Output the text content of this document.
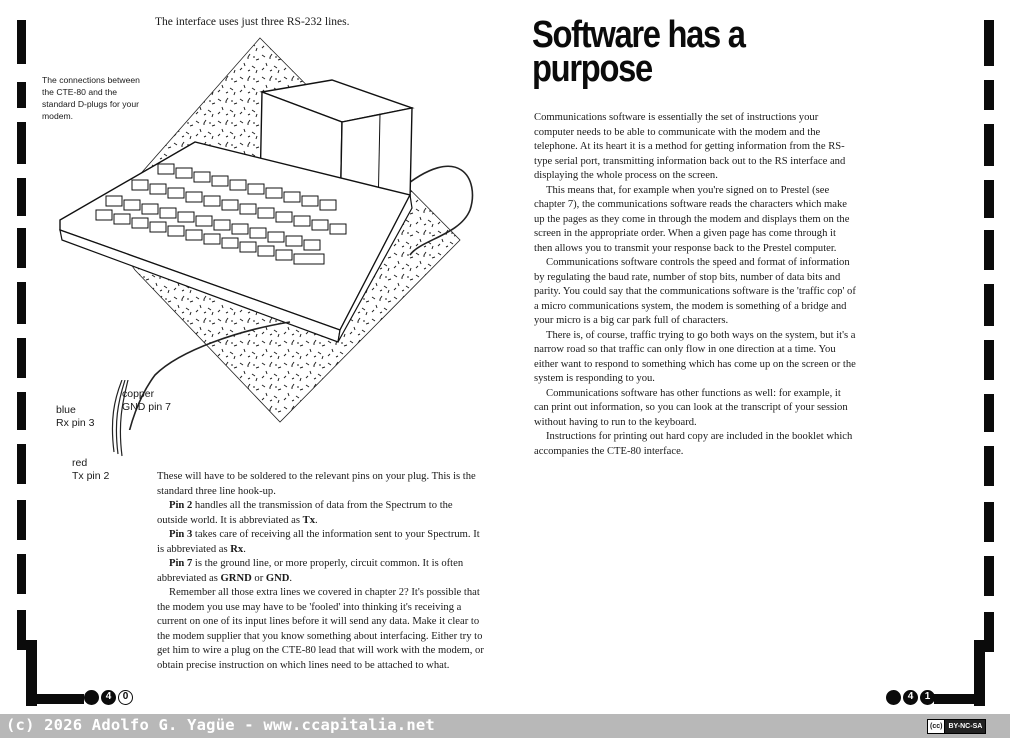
The interface uses just three RS-232 lines.
The connections between the CTE-80 and the standard D-plugs for your modem.
copper
GND pin 7
blue
Rx pin 3
red
Tx pin 2	These will have to be soldered to the relevant pins on your plug. This is the standard three line hook-up.

Pin 2 handles all the transmission of data from the Spectrum to the outside world. It is abbreviated as Tx.

Pin 3 takes care of receiving all the information sent to your Spectrum. It is abbreviated as Rx.

Pin 7 is the ground line, or more properly, circuit common. It is often abbreviated as GRND or GND.

Remember all those extra lines we covered in chapter 2? It's possible that the modem you use may have to be 'fooled' into thinking it's receiving a current on one of its input lines before it will send any data. Make it clear to the modem supplier that you know something about interfacing. Either try to get him to wire a plug on the CTE-80 lead that will work with the modem, or obtain precise instruction on which lines need to be attached to what.

4	0
Software has a
purpose

Communications software is essentially the set of instructions your computer needs to be able to communicate with the modem and the telephone. At its heart it is a method for getting information from the RS-type serial port, transmitting information back out to the RS interface and displaying the whole process on the screen.

This means that, for example when you're signed on to Prestel (see chapter 7), the communications software reads the characters which make up the pages as they come in through the modem and displays them on the screen in the appropriate order. When a given page has come through it then allows you to transmit your response back to the Prestel computer.

Communications software controls the speed and format of information by regulating the baud rate, number of stop bits, number of data bits and parity. You could say that the communications software is the 'traffic cop' of a micro communications system, the modem is something of a bridge and your micro is a big car park full of characters.

There is, of course, traffic trying to go both ways on the system, but it's a narrow road so that traffic can only flow in one direction at a time. You either want to respond to something which has come up on the screen or the system is responding to you.

Communications software has other functions as well: for example, it can print out information, so you can look at the transcript of your session without having to run to the keyboard.

Instructions for printing out hard copy are included in the booklet which accompanies the CTE-80 interface.

4	1
(c) 2026 Adolfo G. Yagüe - www.ccapitalia.net	(cc) BY-NC-SA
